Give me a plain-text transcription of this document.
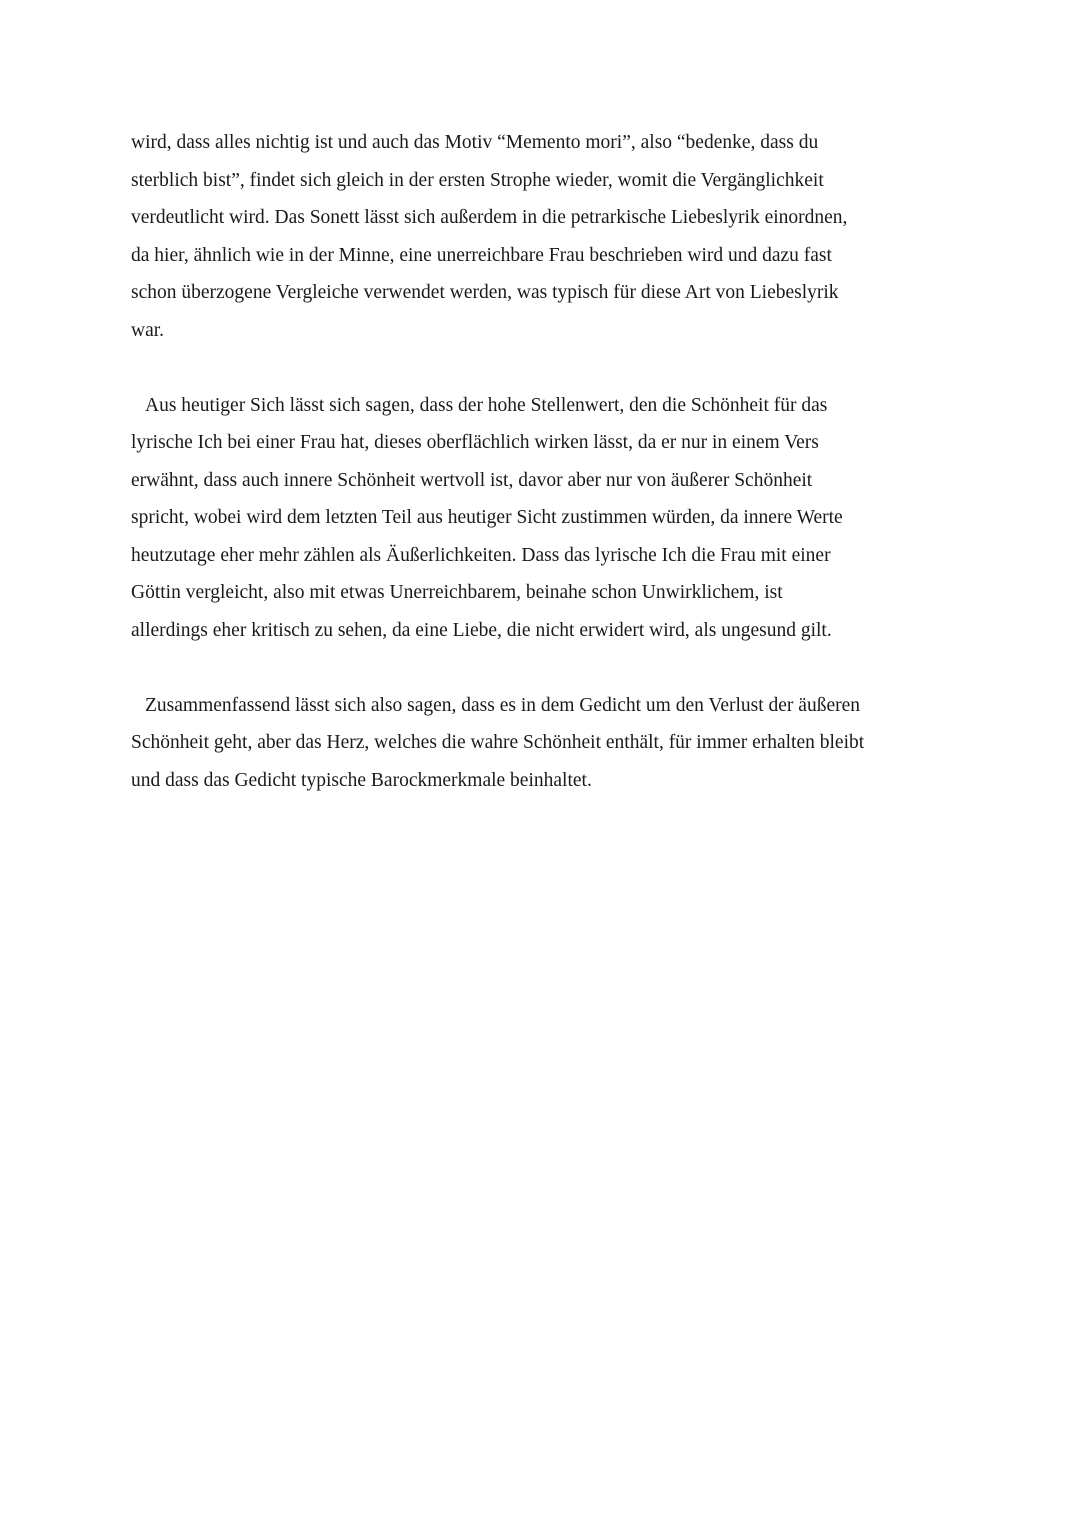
wird, dass alles nichtig ist und auch das Motiv “Memento mori”, also “bedenke, dass du
sterblich bist”, findet sich gleich in der ersten Strophe wieder, womit die Vergänglichkeit
verdeutlicht wird. Das Sonett lässt sich außerdem in die petrarkische Liebeslyrik einordnen,
da hier, ähnlich wie in der Minne, eine unerreichbare Frau beschrieben wird und dazu fast
schon überzogene Vergleiche verwendet werden, was typisch für diese Art von Liebeslyrik
war.

Aus heutiger Sich lässt sich sagen, dass der hohe Stellenwert, den die Schönheit für das
lyrische Ich bei einer Frau hat, dieses oberflächlich wirken lässt, da er nur in einem Vers
erwähnt, dass auch innere Schönheit wertvoll ist, davor aber nur von äußerer Schönheit
spricht, wobei wird dem letzten Teil aus heutiger Sicht zustimmen würden, da innere Werte
heutzutage eher mehr zählen als Äußerlichkeiten. Dass das lyrische Ich die Frau mit einer
Göttin vergleicht, also mit etwas Unerreichbarem, beinahe schon Unwirklichem, ist
allerdings eher kritisch zu sehen, da eine Liebe, die nicht erwidert wird, als ungesund gilt.

Zusammenfassend lässt sich also sagen, dass es in dem Gedicht um den Verlust der äußeren
Schönheit geht, aber das Herz, welches die wahre Schönheit enthält, für immer erhalten bleibt
und dass das Gedicht typische Barockmerkmale beinhaltet.
